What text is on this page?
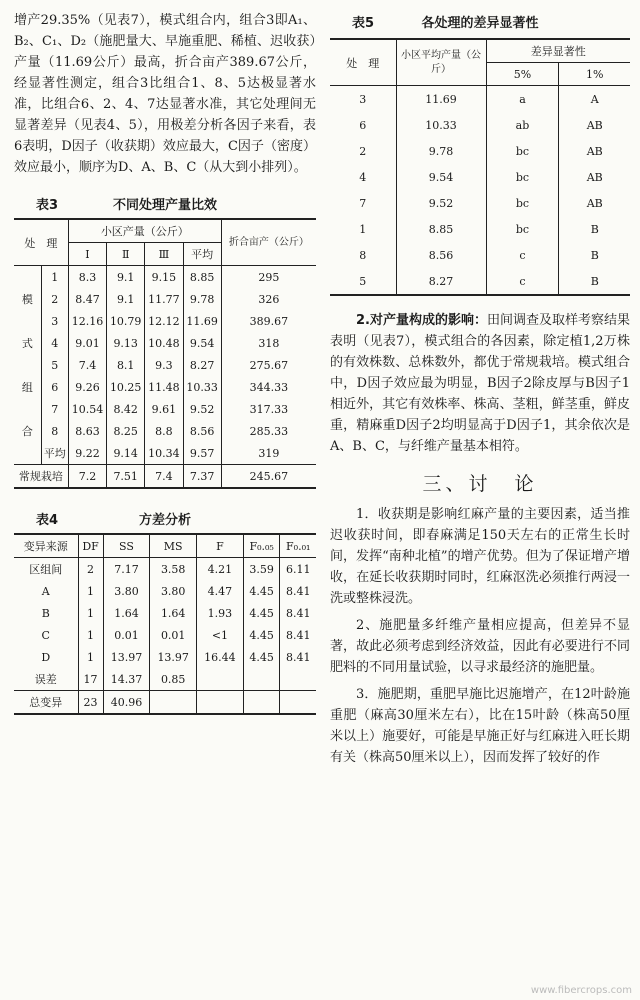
增产29.35%（见表7），模式组合内，组合3即A₁、B₂、C₁、D₂（施肥量大、早施重肥、稀植、迟收获）产量（11.69公斤）最高，折合亩产389.67公斤，经显著性测定，组合3比组合1、8、5达极显著水准，比组合6、2、4、7达显著水准，其它处理间无显著差异（见表4、5），用极差分析各因子来看，表6表明，D因子（收获期）效应最大，C因子（密度）效应最小，顺序为D、A、B、C（从大到小排列）。

表3	不同处理产量比效
处　理		小区产量（公斤）				折合亩产（公斤）
		Ⅰ	Ⅱ	Ⅲ	平均	
	1	8.3	9.1	9.15	8.85	295
模	2	8.47	9.1	11.77	9.78	326
	3	12.16	10.79	12.12	11.69	389.67
式	4	9.01	9.13	10.48	9.54	318
	5	7.4	8.1	9.3	8.27	275.67
组	6	9.26	10.25	11.48	10.33	344.33
	7	10.54	8.42	9.61	9.52	317.33
合	8	8.63	8.25	8.8	8.56	285.33
	平均	9.22	9.14	10.34	9.57	319
常规栽培		7.2	7.51	7.4	7.37	245.67
表4	方差分析
变异来源	DF	SS	MS	F	F₀.₀₅	F₀.₀₁
区组间	2	7.17	3.58	4.21	3.59	6.11
A	1	3.80	3.80	4.47	4.45	8.41
B	1	1.64	1.64	1.93	4.45	8.41
C	1	0.01	0.01	<1	4.45	8.41
D	1	13.97	13.97	16.44	4.45	8.41
误差	17	14.37	0.85			
总变异	23	40.96				
表5	各处理的差异显著性
处　理	小区平均产量（公斤）	差异显著性	
		5%	1%
3	11.69	a	A
6	10.33	ab	AB
2	9.78	bc	AB
4	9.54	bc	AB
7	9.52	bc	AB
1	8.85	bc	B
8	8.56	c	B
5	8.27	c	B

2.对产量构成的影响：田间调查及取样考察结果表明（见表7），模式组合的各因素，除定植1,2万株的有效株数、总株数外，都优于常规栽培。模式组合中，D因子效应最为明显，B因子2除皮厚与B因子1相近外，其它有效株率、株高、茎粗，鲜茎重，鲜皮重，精麻重D因子2均明显高于D因子1，其余依次是A、B、C，与纤维产量基本相符。

三、讨　论

1．收获期是影响红麻产量的主要因素，适当推迟收获时间，即春麻满足150天左右的正常生长时间，发挥“南种北植”的增产优势。但为了保证增产增收，在延长收获期时同时，红麻沤洗必须推行两浸一洗或整株浸洗。

2、施肥量多纤维产量相应提高，但差异不显著，故此必须考虑到经济效益，因此有必要进行不同肥料的不同用量试验，以寻求最经济的施肥量。

3．施肥期，重肥早施比迟施增产，在12叶龄施重肥（麻高30厘米左右），比在15叶龄（株高50厘米以上）施要好，可能是早施正好与红麻进入旺长期有关（株高50厘米以上），因而发挥了较好的作

www.fibercrops.com
